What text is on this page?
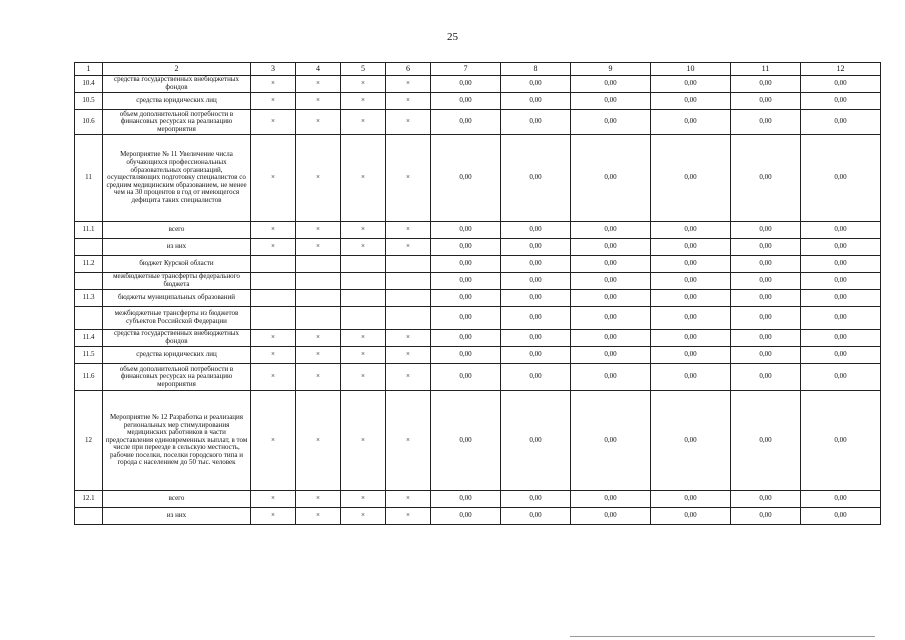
25
1	2	3	4	5	6	7	8	9	10	11	12
10.4	средства государственных внебюджетных фондов	×	×	×	×	0,00	0,00	0,00	0,00	0,00	0,00
10.5	средства юридических лиц	×	×	×	×	0,00	0,00	0,00	0,00	0,00	0,00
10.6	объем дополнительной потребности в финансовых ресурсах на реализацию мероприятия	×	×	×	×	0,00	0,00	0,00	0,00	0,00	0,00
11	Мероприятие № 11 Увеличение числа обучающихся профессиональных образовательных организаций, осуществляющих подготовку специалистов со средним медицинским образованием, не менее чем на 30 процентов в год от имеющегося дефицита таких специалистов	×	×	×	×	0,00	0,00	0,00	0,00	0,00	0,00
11.1	всего	×	×	×	×	0,00	0,00	0,00	0,00	0,00	0,00
	из них	×	×	×	×	0,00	0,00	0,00	0,00	0,00	0,00
11.2	бюджет Курской области					0,00	0,00	0,00	0,00	0,00	0,00
	межбюджетные трансферты федерального бюджета					0,00	0,00	0,00	0,00	0,00	0,00
11.3	бюджеты муниципальных образований					0,00	0,00	0,00	0,00	0,00	0,00
	межбюджетные трансферты из бюджетов субъектов Российской Федерации					0,00	0,00	0,00	0,00	0,00	0,00
11.4	средства государственных внебюджетных фондов	×	×	×	×	0,00	0,00	0,00	0,00	0,00	0,00
11.5	средства юридических лиц	×	×	×	×	0,00	0,00	0,00	0,00	0,00	0,00
11.6	объем дополнительной потребности в финансовых ресурсах на реализацию мероприятия	×	×	×	×	0,00	0,00	0,00	0,00	0,00	0,00
12	Мероприятие № 12 Разработка и реализация региональных мер стимулирования медицинских работников в части предоставления единовременных выплат, в том числе при переезде в сельскую местность, рабочие поселки, поселки городского типа и города с населением до 50 тыс. человек	×	×	×	×	0,00	0,00	0,00	0,00	0,00	0,00
12.1	всего	×	×	×	×	0,00	0,00	0,00	0,00	0,00	0,00
	из них	×	×	×	×	0,00	0,00	0,00	0,00	0,00	0,00
